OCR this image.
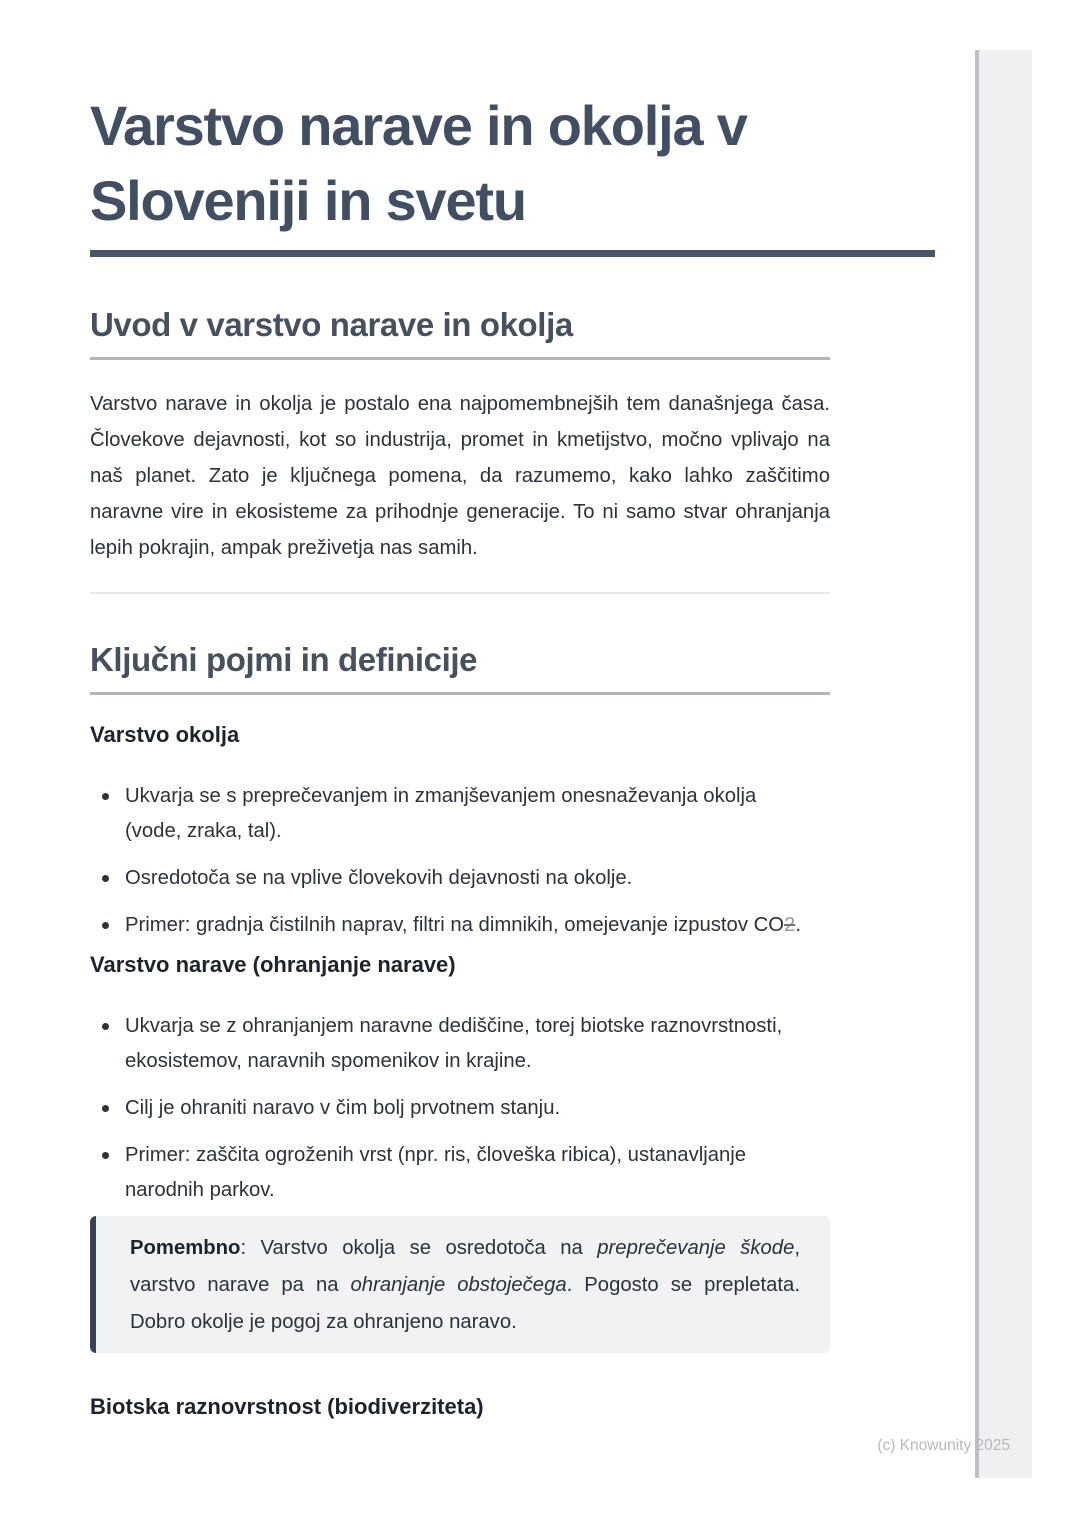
Varstvo narave in okolja v Sloveniji in svetu
Uvod v varstvo narave in okolja

Varstvo narave in okolja je postalo ena najpomembnejših tem današnjega časa. Človekove dejavnosti, kot so industrija, promet in kmetijstvo, močno vplivajo na naš planet. Zato je ključnega pomena, da razumemo, kako lahko zaščitimo naravne vire in ekosisteme za prihodnje generacije. To ni samo stvar ohranjanja lepih pokrajin, ampak preživetja nas samih.

Ključni pojmi in definicije
Varstvo okolja
Ukvarja se s preprečevanjem in zmanjševanjem onesnaževanja okolja (vode, zraka, tal).
Osredotoča se na vplive človekovih dejavnosti na okolje.
Primer: gradnja čistilnih naprav, filtri na dimnikih, omejevanje izpustov CO2.
Varstvo narave (ohranjanje narave)
Ukvarja se z ohranjanjem naravne dediščine, torej biotske raznovrstnosti, ekosistemov, naravnih spomenikov in krajine.
Cilj je ohraniti naravo v čim bolj prvotnem stanju.
Primer: zaščita ogroženih vrst (npr. ris, človeška ribica), ustanavljanje narodnih parkov.

Pomembno: Varstvo okolja se osredotoča na preprečevanje škode, varstvo narave pa na ohranjanje obstoječega. Pogosto se prepletata. Dobro okolje je pogoj za ohranjeno naravo.

Biotska raznovrstnost (biodiverziteta)
(c) Knowunity 2025
